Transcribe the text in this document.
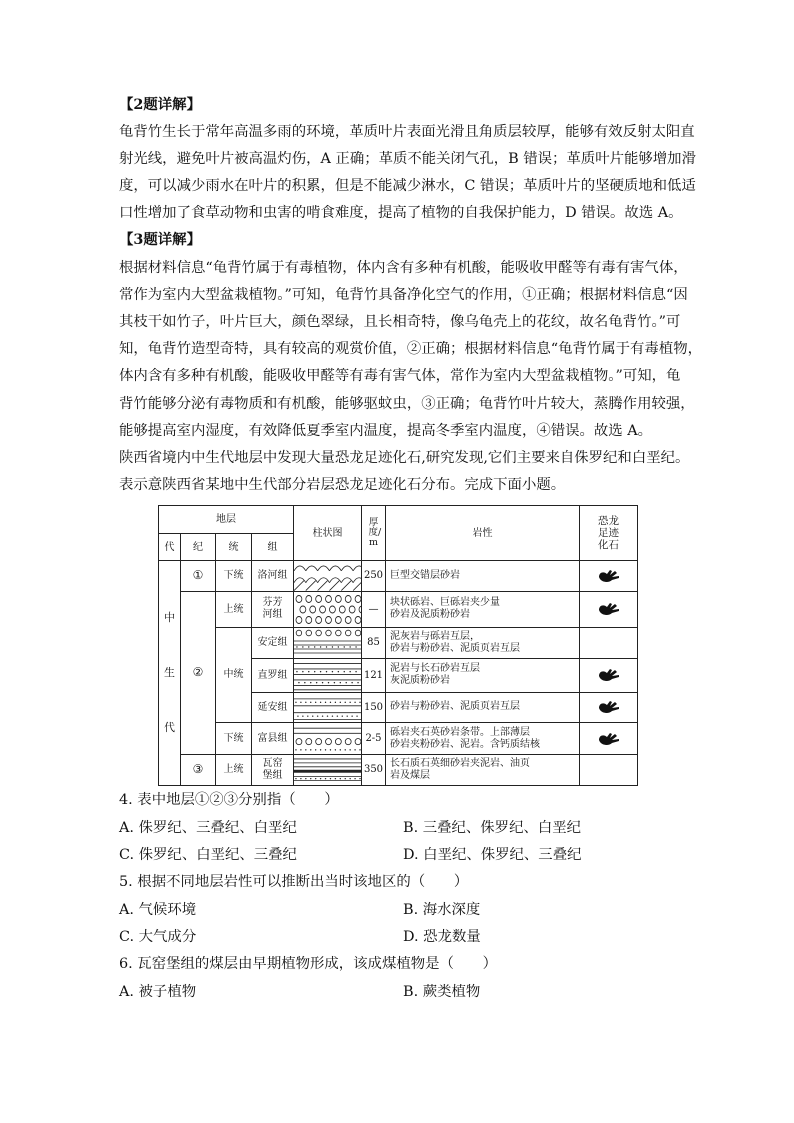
【2题详解】
龟背竹生长于常年高温多雨的环境，革质叶片表面光滑且角质层较厚，能够有效反射太阳直
射光线，避免叶片被高温灼伤，A 正确；革质不能关闭气孔，B 错误；革质叶片能够增加滑
度，可以减少雨水在叶片的积累，但是不能减少淋水，C 错误；革质叶片的坚硬质地和低适
口性增加了食草动物和虫害的啃食难度，提高了植物的自我保护能力，D 错误。故选 A。
【3题详解】
根据材料信息“龟背竹属于有毒植物，体内含有多种有机酸，能吸收甲醛等有毒有害气体，
常作为室内大型盆栽植物。”可知，龟背竹具备净化空气的作用，①正确；根据材料信息“因
其枝干如竹子，叶片巨大，颜色翠绿，且长相奇特，像乌龟壳上的花纹，故名龟背竹。”可
知，龟背竹造型奇特，具有较高的观赏价值，②正确；根据材料信息“龟背竹属于有毒植物，
体内含有多种有机酸，能吸收甲醛等有毒有害气体，常作为室内大型盆栽植物。”可知，龟
背竹能够分泌有毒物质和有机酸，能够驱蚊虫，③正确；龟背竹叶片较大，蒸腾作用较强，
能够提高室内湿度，有效降低夏季室内温度，提高冬季室内温度，④错误。故选 A。
陕西省境内中生代地层中发现大量恐龙足迹化石,研究发现,它们主要来自侏罗纪和白垩纪。
表示意陕西省某地中生代部分岩层恐龙足迹化石分布。完成下面小题。
地层				柱状图	厚度/m	岩性	恐龙足迹化石

代	纪	统	组				

中
生
代	①	下统	洛河组		250	巨型交错层砂岩	

	②	上统	芬芳河组		—	块状砾岩、巨砾岩夹少量
砂岩及泥质粉砂岩	

		中统	安定组		85	泥灰岩与砾岩互层，
砂岩与粉砂岩、泥质页岩互层	
			直罗组		121	泥岩与长石砂岩互层
灰泥质粉砂岩	

			延安组		150	砂岩与粉砂岩、泥质页岩互层	

		下统	富县组		2-5	砾岩夹石英砂岩条带。上部薄层
砂岩夹粉砂岩、泥岩。含钙质结核	

	③	上统	瓦窑堡组		350	长石质石英细砂岩夹泥岩、油页
岩及煤层	
4. 表中地层①②③分别指（　　）
A. 侏罗纪、三叠纪、白垩纪	B. 三叠纪、侏罗纪、白垩纪
C. 侏罗纪、白垩纪、三叠纪	D. 白垩纪、侏罗纪、三叠纪
5. 根据不同地层岩性可以推断出当时该地区的（　　）
A. 气候环境	B. 海水深度
C. 大气成分	D. 恐龙数量
6. 瓦窑堡组的煤层由早期植物形成，该成煤植物是（　　）
A. 被子植物	B. 蕨类植物
